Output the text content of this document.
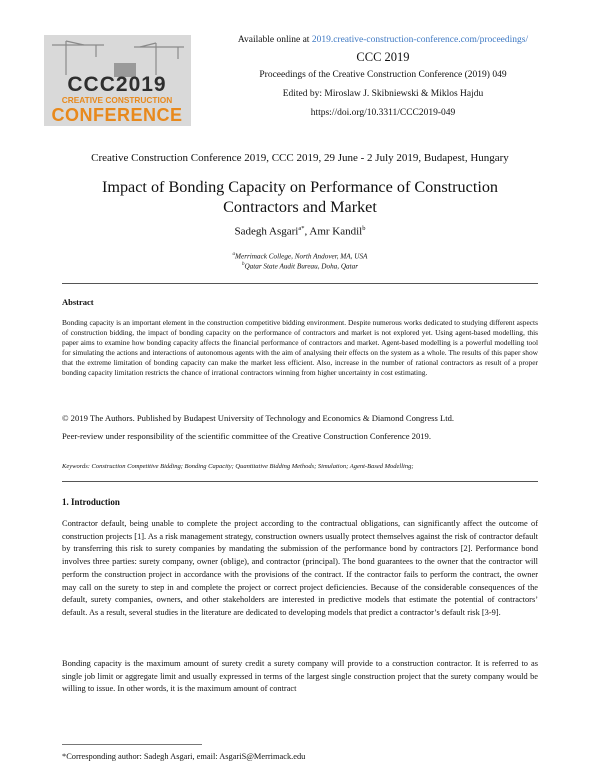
CCC2019
CREATIVE CONSTRUCTION
CONFERENCE
Available online at 2019.creative-construction-conference.com/proceedings/
CCC 2019
Proceedings of the Creative Construction Conference (2019) 049
Edited by: Miroslaw J. Skibniewski & Miklos Hajdu
https://doi.org/10.3311/CCC2019-049
Creative Construction Conference 2019, CCC 2019, 29 June - 2 July 2019, Budapest, Hungary
Impact of Bonding Capacity on Performance of Construction
Contractors and Market
Sadegh Asgari$^{a*}$, Amr Kandil$^b$
$^a$Merrimack College, North Andover, MA, USA
$^b$Qatar State Audit Bureau, Doha, Qatar
Abstract
Bonding capacity is an important element in the construction competitive bidding environment. Despite numerous works dedicated to studying different aspects of construction bidding, the impact of bonding capacity on the performance of contractors and market is not explored yet. Using agent-based modelling, this paper aims to examine how bonding capacity affects the financial performance of contractors and market. Agent-based modelling is a powerful modelling tool for simulating the actions and interactions of autonomous agents with the aim of analysing their effects on the system as a whole. The results of this paper show that the extreme limitation of bonding capacity can make the market less efficient. Also, increase in the number of rational contractors as result of a proper bonding capacity limitation restricts the chance of irrational contractors winning from higher uncertainty in cost estimating.
© 2019 The Authors. Published by Budapest University of Technology and Economics & Diamond Congress Ltd.
Peer-review under responsibility of the scientific committee of the Creative Construction Conference 2019.
Keywords: Construction Competitive Bidding; Bonding Capacity; Quantitative Bidding Methods; Simulation; Agent-Based Modelling;
1. Introduction

Contractor default, being unable to complete the project according to the contractual obligations, can significantly affect the outcome of construction projects [1]. As a risk management strategy, construction owners usually protect themselves against the risk of contractor default by transferring this risk to surety companies by mandating the submission of the performance bond by contractors [2]. Performance bond involves three parties: surety company, owner (oblige), and contractor (principal). The bond guarantees to the owner that the contractor will perform the construction project in accordance with the provisions of the contract. If the contractor fails to perform the contract, the owner may call on the surety to step in and complete the project or correct project deficiencies. Because of the considerable consequences of the default, surety companies, owners, and other stakeholders are interested in predictive models that estimate the potential of contractors’ default. As a result, several studies in the literature are dedicated to developing models that predict a contractor’s default risk [3-9].

Bonding capacity is the maximum amount of surety credit a surety company will provide to a construction contractor. It is referred to as single job limit or aggregate limit and usually expressed in terms of the largest single construction project that the surety company would be willing to issue. In other words, it is the maximum amount of contract

*Corresponding author: Sadegh Asgari, email: AsgariS@Merrimack.edu
